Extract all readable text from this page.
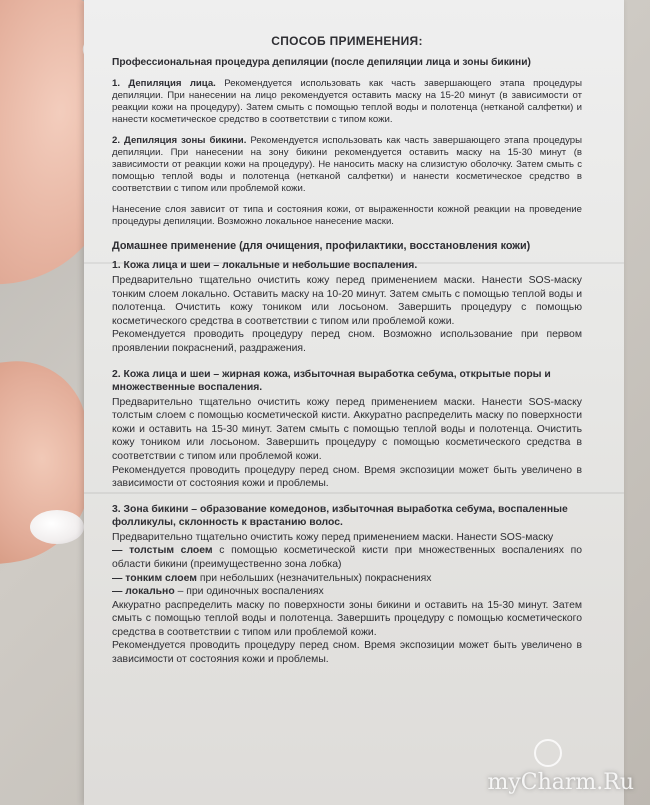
СПОСОБ ПРИМЕНЕНИЯ:
Профессиональная процедура депиляции (после депиляции лица и зоны бикини)
1. Депиляция лица. Рекомендуется использовать как часть завершающего этапа процедуры депиляции. При нанесении на лицо рекомендуется оставить маску на 15-20 минут (в зависимости от реакции кожи на процедуру). Затем смыть с помощью теплой воды и полотенца (нетканой салфетки) и нанести косметическое средство в соответствии с типом кожи.
2. Депиляция зоны бикини. Рекомендуется использовать как часть завершающего этапа процедуры депиляции. При нанесении на зону бикини рекомендуется оставить маску на 15-30 минут (в зависимости от реакции кожи на процедуру). Не наносить маску на слизистую оболочку. Затем смыть с помощью теплой воды и полотенца (нетканой салфетки) и нанести косметическое средство в соответствии с типом или проблемой кожи.
Нанесение слоя зависит от типа и состояния кожи, от выраженности кожной реакции на проведение процедуры депиляции. Возможно локальное нанесение маски.
Домашнее применение (для очищения, профилактики, восстановления кожи)
1. Кожа лица и шеи – локальные и небольшие воспаления.
Предварительно тщательно очистить кожу перед применением маски. Нанести SOS-маску тонким слоем локально. Оставить маску на 10-20 минут. Затем смыть с помощью теплой воды и полотенца. Очистить кожу тоником или лосьоном. Завершить процедуру с помощью косметического средства в соответствии с типом или проблемой кожи.
Рекомендуется проводить процедуру перед сном. Возможно использование при первом проявлении покраснений, раздражения.
2. Кожа лица и шеи – жирная кожа, избыточная выработка себума, открытые поры и множественные воспаления.
Предварительно тщательно очистить кожу перед применением маски. Нанести SOS-маску толстым слоем с помощью косметической кисти. Аккуратно распределить маску по поверхности кожи и оставить на 15-30 минут. Затем смыть с помощью теплой воды и полотенца. Очистить кожу тоником или лосьоном. Завершить процедуру с помощью косметического средства в соответствии с типом или проблемой кожи.
Рекомендуется проводить процедуру перед сном. Время экспозиции может быть увеличено в зависимости от состояния кожи и проблемы.
3. Зона бикини – образование комедонов, избыточная выработка себума, воспаленные фолликулы, склонность к врастанию волос.
Предварительно тщательно очистить кожу перед применением маски. Нанести SOS-маску
— толстым слоем с помощью косметической кисти при множественных воспалениях по области бикини (преимущественно зона лобка)
— тонким слоем при небольших (незначительных) покраснениях
— локально – при одиночных воспалениях
Аккуратно распределить маску по поверхности зоны бикини и оставить на 15-30 минут. Затем смыть с помощью теплой воды и полотенца. Завершить процедуру с помощью косметического средства в соответствии с типом или проблемой кожи.
Рекомендуется проводить процедуру перед сном. Время экспозиции может быть увеличено в зависимости от состояния кожи и проблемы.
myCharm.Ru
